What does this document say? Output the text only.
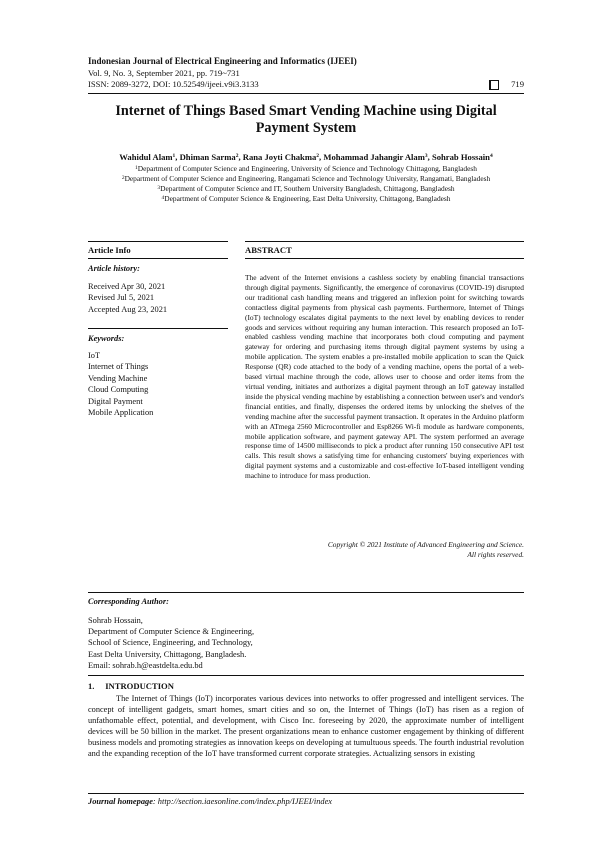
Indonesian Journal of Electrical Engineering and Informatics (IJEEI)
Vol. 9, No. 3, September 2021, pp. 719~731
ISSN: 2089-3272, DOI: 10.52549/ijeei.v9i3.3133	719
Internet of Things Based Smart Vending Machine using Digital Payment System
Wahidul Alam$^1$, Dhiman Sarma$^2$, Rana Joyti Chakma$^2$, Mohammad Jahangir Alam$^3$, Sohrab Hossain$^4$
$^1$Department of Computer Science and Engineering, University of Science and Technology Chittagong, Bangladesh
$^2$Department of Computer Science and Engineering, Rangamati Science and Technology University, Rangamati, Bangladesh
$^3$Department of Computer Science and IT, Southern University Bangladesh, Chittagong, Bangladesh
$^4$Department of Computer Science & Engineering, East Delta University, Chittagong, Bangladesh
Article Info	ABSTRACT
Article history:
Received Apr 30, 2021
Revised Jul 5, 2021
Accepted Aug 23, 2021
Keywords:
IoT
Internet of Things
Vending Machine
Cloud Computing
Digital Payment
Mobile Application
The advent of the Internet envisions a cashless society by enabling financial transactions through digital payments. Significantly, the emergence of coronavirus (COVID-19) disrupted our traditional cash handling means and triggered an inflexion point for switching towards contactless digital payments from physical cash payments. Furthermore, Internet of Things (IoT) technology escalates digital payments to the next level by enabling devices to render goods and services without requiring any human interaction. This research proposed an IoT-enabled cashless vending machine that incorporates both cloud computing and payment gateway for ordering and purchasing items through digital payment systems by using a mobile application. The system enables a pre-installed mobile application to scan the Quick Response (QR) code attached to the body of a vending machine, opens the portal of a web-based virtual machine through the code, allows user to choose and order items from the virtual vending, initiates and authorizes a digital payment through an IoT gateway installed inside the physical vending machine by establishing a connection between user's and vendor's financial entities, and finally, dispenses the ordered items by unlocking the shelves of the vending machine after the successful payment transaction. It operates in the Arduino platform with an ATmega 2560 Microcontroller and Esp8266 Wi-fi module as hardware components, mobile application software, and payment gateway API. The system performed an average response time of 14500 milliseconds to pick a product after running 150 consecutive API test calls. This result shows a satisfying time for enhancing customers' buying experiences with digital payment systems and a customizable and cost-effective IoT-based intelligent vending machine to introduce for mass production.
Copyright © 2021 Institute of Advanced Engineering and Science.
All rights reserved.
Corresponding Author:
Sohrab Hossain,
Department of Computer Science & Engineering,
School of Science, Engineering, and Technology,
East Delta University, Chittagong, Bangladesh.
Email: sohrab.h@eastdelta.edu.bd
1.     INTRODUCTION
The Internet of Things (IoT) incorporates various devices into networks to offer progressed and intelligent services. The concept of intelligent gadgets, smart homes, smart cities and so on, the Internet of Things (IoT) has risen as a region of unfathomable effect, potential, and development, with Cisco Inc. foreseeing by 2020, the approximate number of intelligent devices will be 50 billion in the market. The present organizations mean to enhance customer engagement by thinking of different business models and promoting strategies as innovation keeps on developing at tumultuous speeds. The fourth industrial revolution and the expanding reception of the IoT have transformed current corporate strategies. Actualizing sensors in existing
Journal homepage: http://section.iaesonline.com/index.php/IJEEI/index
